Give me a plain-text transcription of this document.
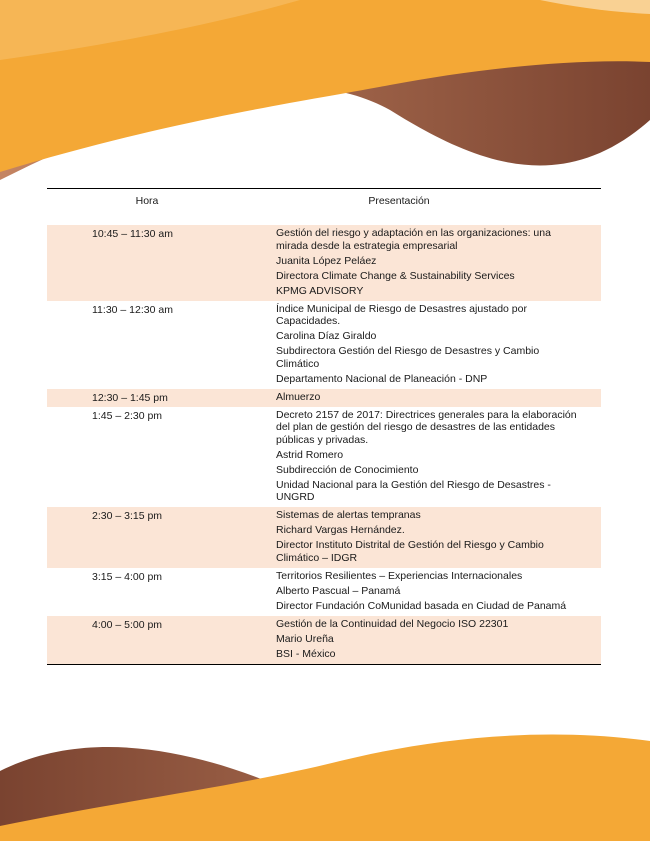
Hora	Presentación
10:45 – 11:30 am	Gestión del riesgo y adaptación en las organizaciones: una mirada desde la estrategia empresarial
Juanita López Peláez
Directora Climate Change & Sustainability Services
KPMG ADVISORY
11:30 – 12:30 am	Índice Municipal de Riesgo de Desastres ajustado por Capacidades.
Carolina Díaz Giraldo
Subdirectora Gestión del Riesgo de Desastres y Cambio Climático
Departamento Nacional de Planeación - DNP
12:30 – 1:45 pm	Almuerzo
1:45 – 2:30 pm	Decreto 2157 de 2017: Directrices generales para la elaboración del plan de gestión del riesgo de desastres de las entidades públicas y privadas.
Astrid Romero
Subdirección de Conocimiento
Unidad Nacional para la Gestión del Riesgo de Desastres - UNGRD
2:30 – 3:15 pm	Sistemas de alertas tempranas
Richard Vargas Hernández.
Director Instituto Distrital de Gestión del Riesgo y Cambio Climático – IDGR
3:15 – 4:00 pm	Territorios Resilientes – Experiencias Internacionales
Alberto Pascual – Panamá
Director Fundación CoMunidad basada en Ciudad de Panamá
4:00 – 5:00 pm	Gestión de la Continuidad del Negocio ISO 22301
Mario Ureña
BSI - México
